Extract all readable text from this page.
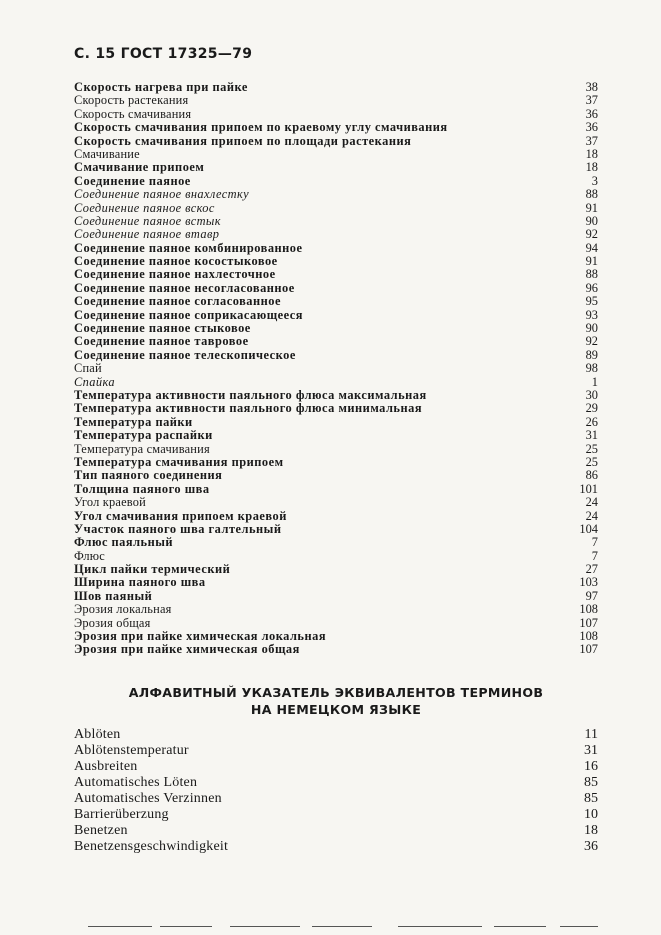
С. 15 ГОСТ 17325—79
Скорость нагрева при пайке	38
Скорость растекания	37
Скорость смачивания	36
Скорость смачивания припоем по краевому углу смачивания	36
Скорость смачивания припоем по площади растекания	37
Смачивание	18
Смачивание припоем	18
Соединение паяное	3
Соединение паяное внахлестку	88
Соединение паяное вскос	91
Соединение паяное встык	90
Соединение паяное втавр	92
Соединение паяное комбинированное	94
Соединение паяное косостыковое	91
Соединение паяное нахлесточное	88
Соединение паяное несогласованное	96
Соединение паяное согласованное	95
Соединение паяное соприкасающееся	93
Соединение паяное стыковое	90
Соединение паяное тавровое	92
Соединение паяное телескопическое	89
Спай	98
Спайка	1
Температура активности паяльного флюса максимальная	30
Температура активности паяльного флюса минимальная	29
Температура пайки	26
Температура распайки	31
Температура смачивания	25
Температура смачивания припоем	25
Тип паяного соединения	86
Толщина паяного шва	101
Угол краевой	24
Угол смачивания припоем краевой	24
Участок паяного шва галтельный	104
Флюс паяльный	7
Флюс	7
Цикл пайки термический	27
Ширина паяного шва	103
Шов паяный	97
Эрозия локальная	108
Эрозия общая	107
Эрозия при пайке химическая локальная	108
Эрозия при пайке химическая общая	107
АЛФАВИТНЫЙ УКАЗАТЕЛЬ ЭКВИВАЛЕНТОВ ТЕРМИНОВ
НА НЕМЕЦКОМ ЯЗЫКЕ
Ablöten	11
Ablötenstemperatur	31
Ausbreiten	16
Automatisches Löten	85
Automatisches Verzinnen	85
Barrierüberzung	10
Benetzen	18
Benetzensgeschwindigkeit	36
